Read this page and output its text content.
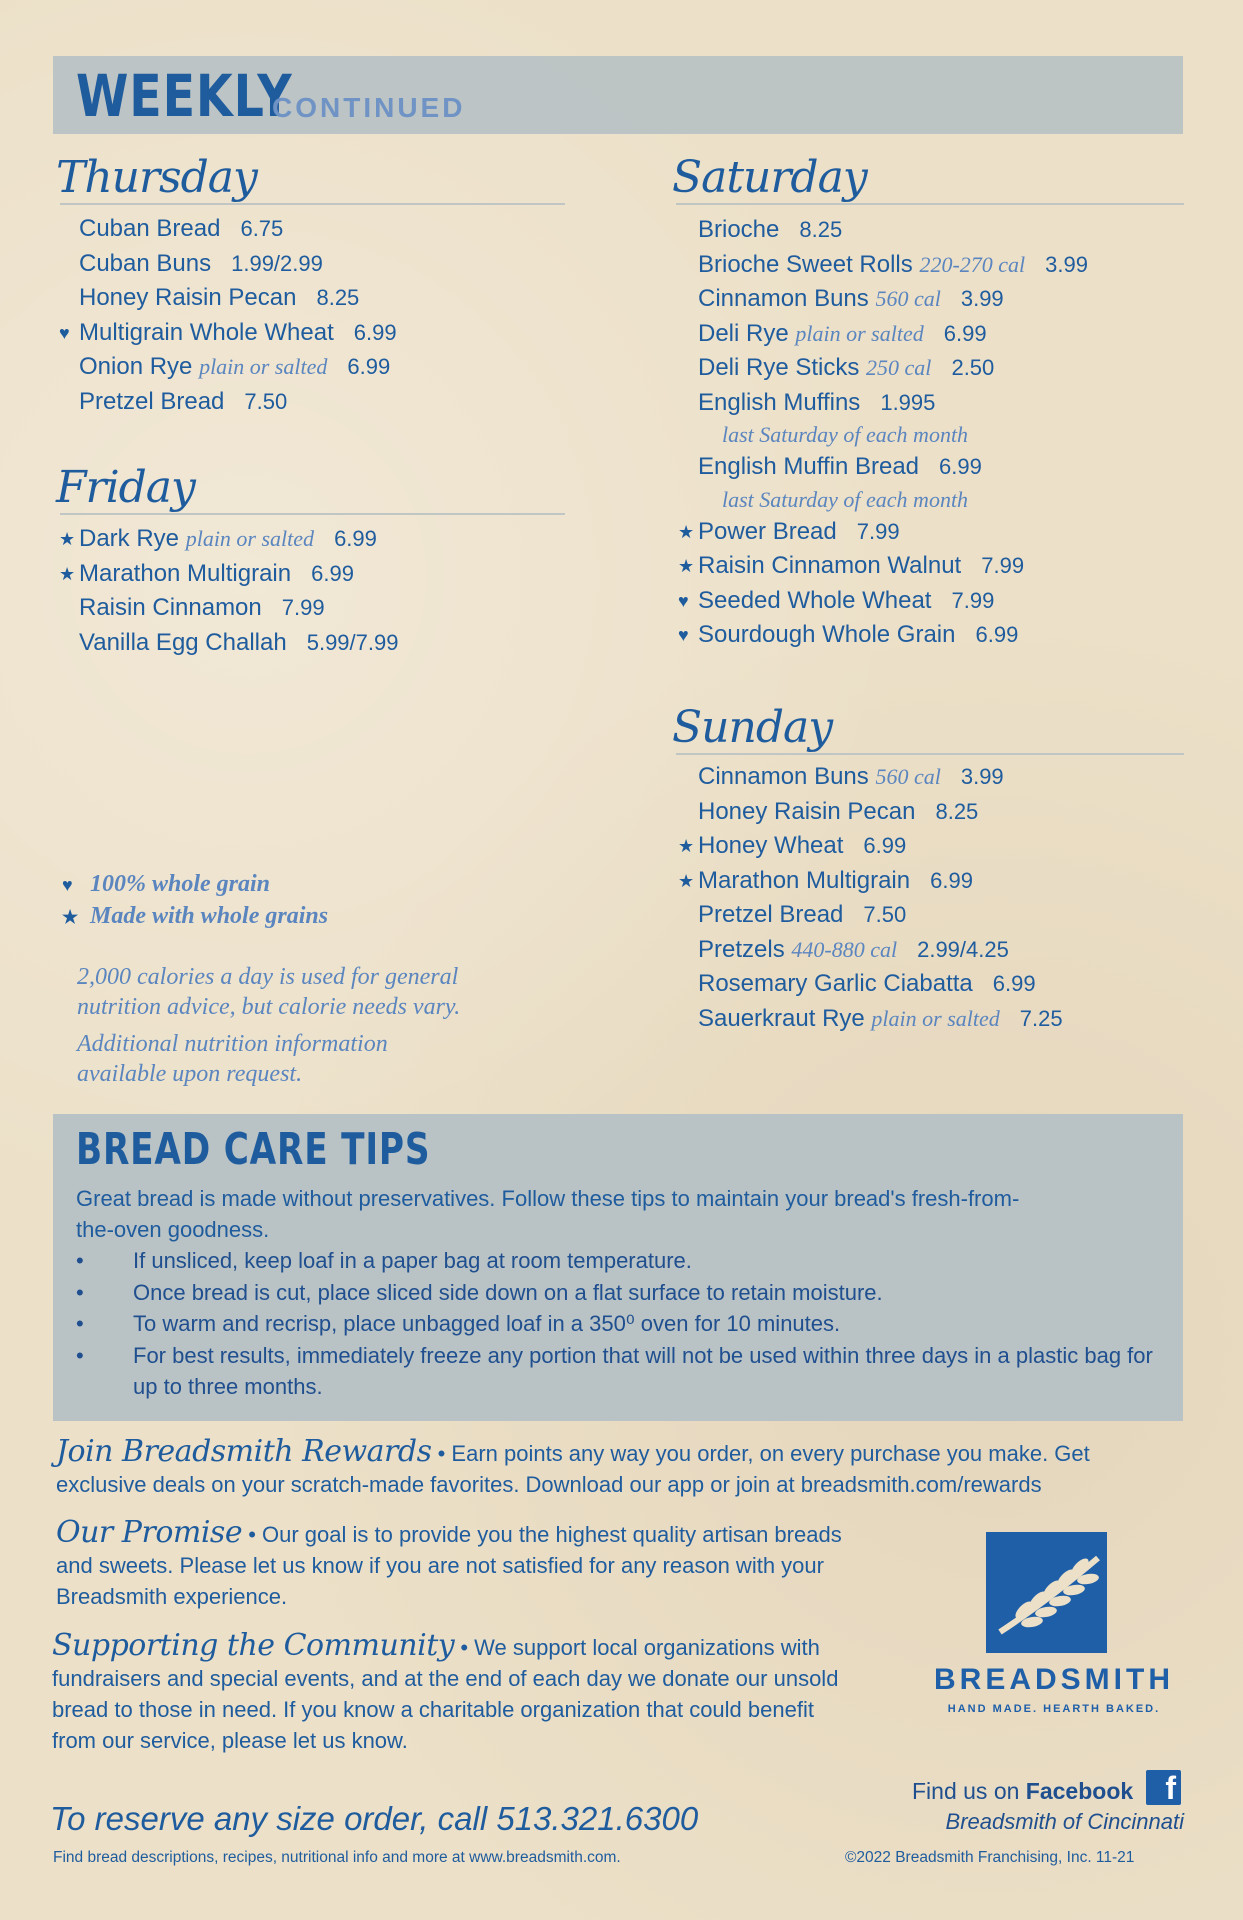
WEEKLY
CONTINUED
Thursday
Cuban Bread 6.75
Cuban Buns 1.99/2.99
Honey Raisin Pecan 8.25
♥ Multigrain Whole Wheat 6.99
Onion Rye plain or salted 6.99
Pretzel Bread 7.50
Friday
★ Dark Rye plain or salted 6.99
★ Marathon Multigrain 6.99
Raisin Cinnamon 7.99
Vanilla Egg Challah 5.99/7.99
Saturday
Brioche 8.25
Brioche Sweet Rolls 220-270 cal 3.99
Cinnamon Buns 560 cal 3.99
Deli Rye plain or salted 6.99
Deli Rye Sticks 250 cal 2.50
English Muffins 1.995
last Saturday of each month
English Muffin Bread 6.99
last Saturday of each month
★ Power Bread 7.99
★ Raisin Cinnamon Walnut 7.99
♥ Seeded Whole Wheat 7.99
♥ Sourdough Whole Grain 6.99
Sunday
Cinnamon Buns 560 cal 3.99
Honey Raisin Pecan 8.25
★ Honey Wheat 6.99
★ Marathon Multigrain 6.99
Pretzel Bread 7.50
Pretzels 440-880 cal 2.99/4.25
Rosemary Garlic Ciabatta 6.99
Sauerkraut Rye plain or salted 7.25
♥ 100% whole grain
★ Made with whole grains
2,000 calories a day is used for general nutrition advice, but calorie needs vary.
Additional nutrition information available upon request.
BREAD CARE TIPS
Great bread is made without preservatives. Follow these tips to maintain your bread's fresh-from-the-oven goodness.
• If unsliced, keep loaf in a paper bag at room temperature.
• Once bread is cut, place sliced side down on a flat surface to retain moisture.
• To warm and recrisp, place unbagged loaf in a 350⁰ oven for 10 minutes.
• For best results, immediately freeze any portion that will not be used within three days in a plastic bag for up to three months.
Join Breadsmith Rewards • Earn points any way you order, on every purchase you make. Get exclusive deals on your scratch-made favorites. Download our app or join at breadsmith.com/rewards
Our Promise • Our goal is to provide you the highest quality artisan breads and sweets. Please let us know if you are not satisfied for any reason with your Breadsmith experience.
Supporting the Community • We support local organizations with fundraisers and special events, and at the end of each day we donate our unsold bread to those in need. If you know a charitable organization that could benefit from our service, please let us know.
BREADSMITH
HAND MADE. HEARTH BAKED.
Find us on Facebook f
Breadsmith of Cincinnati
To reserve any size order, call 513.321.6300
Find bread descriptions, recipes, nutritional info and more at www.breadsmith.com.	©2022 Breadsmith Franchising, Inc. 11-21
